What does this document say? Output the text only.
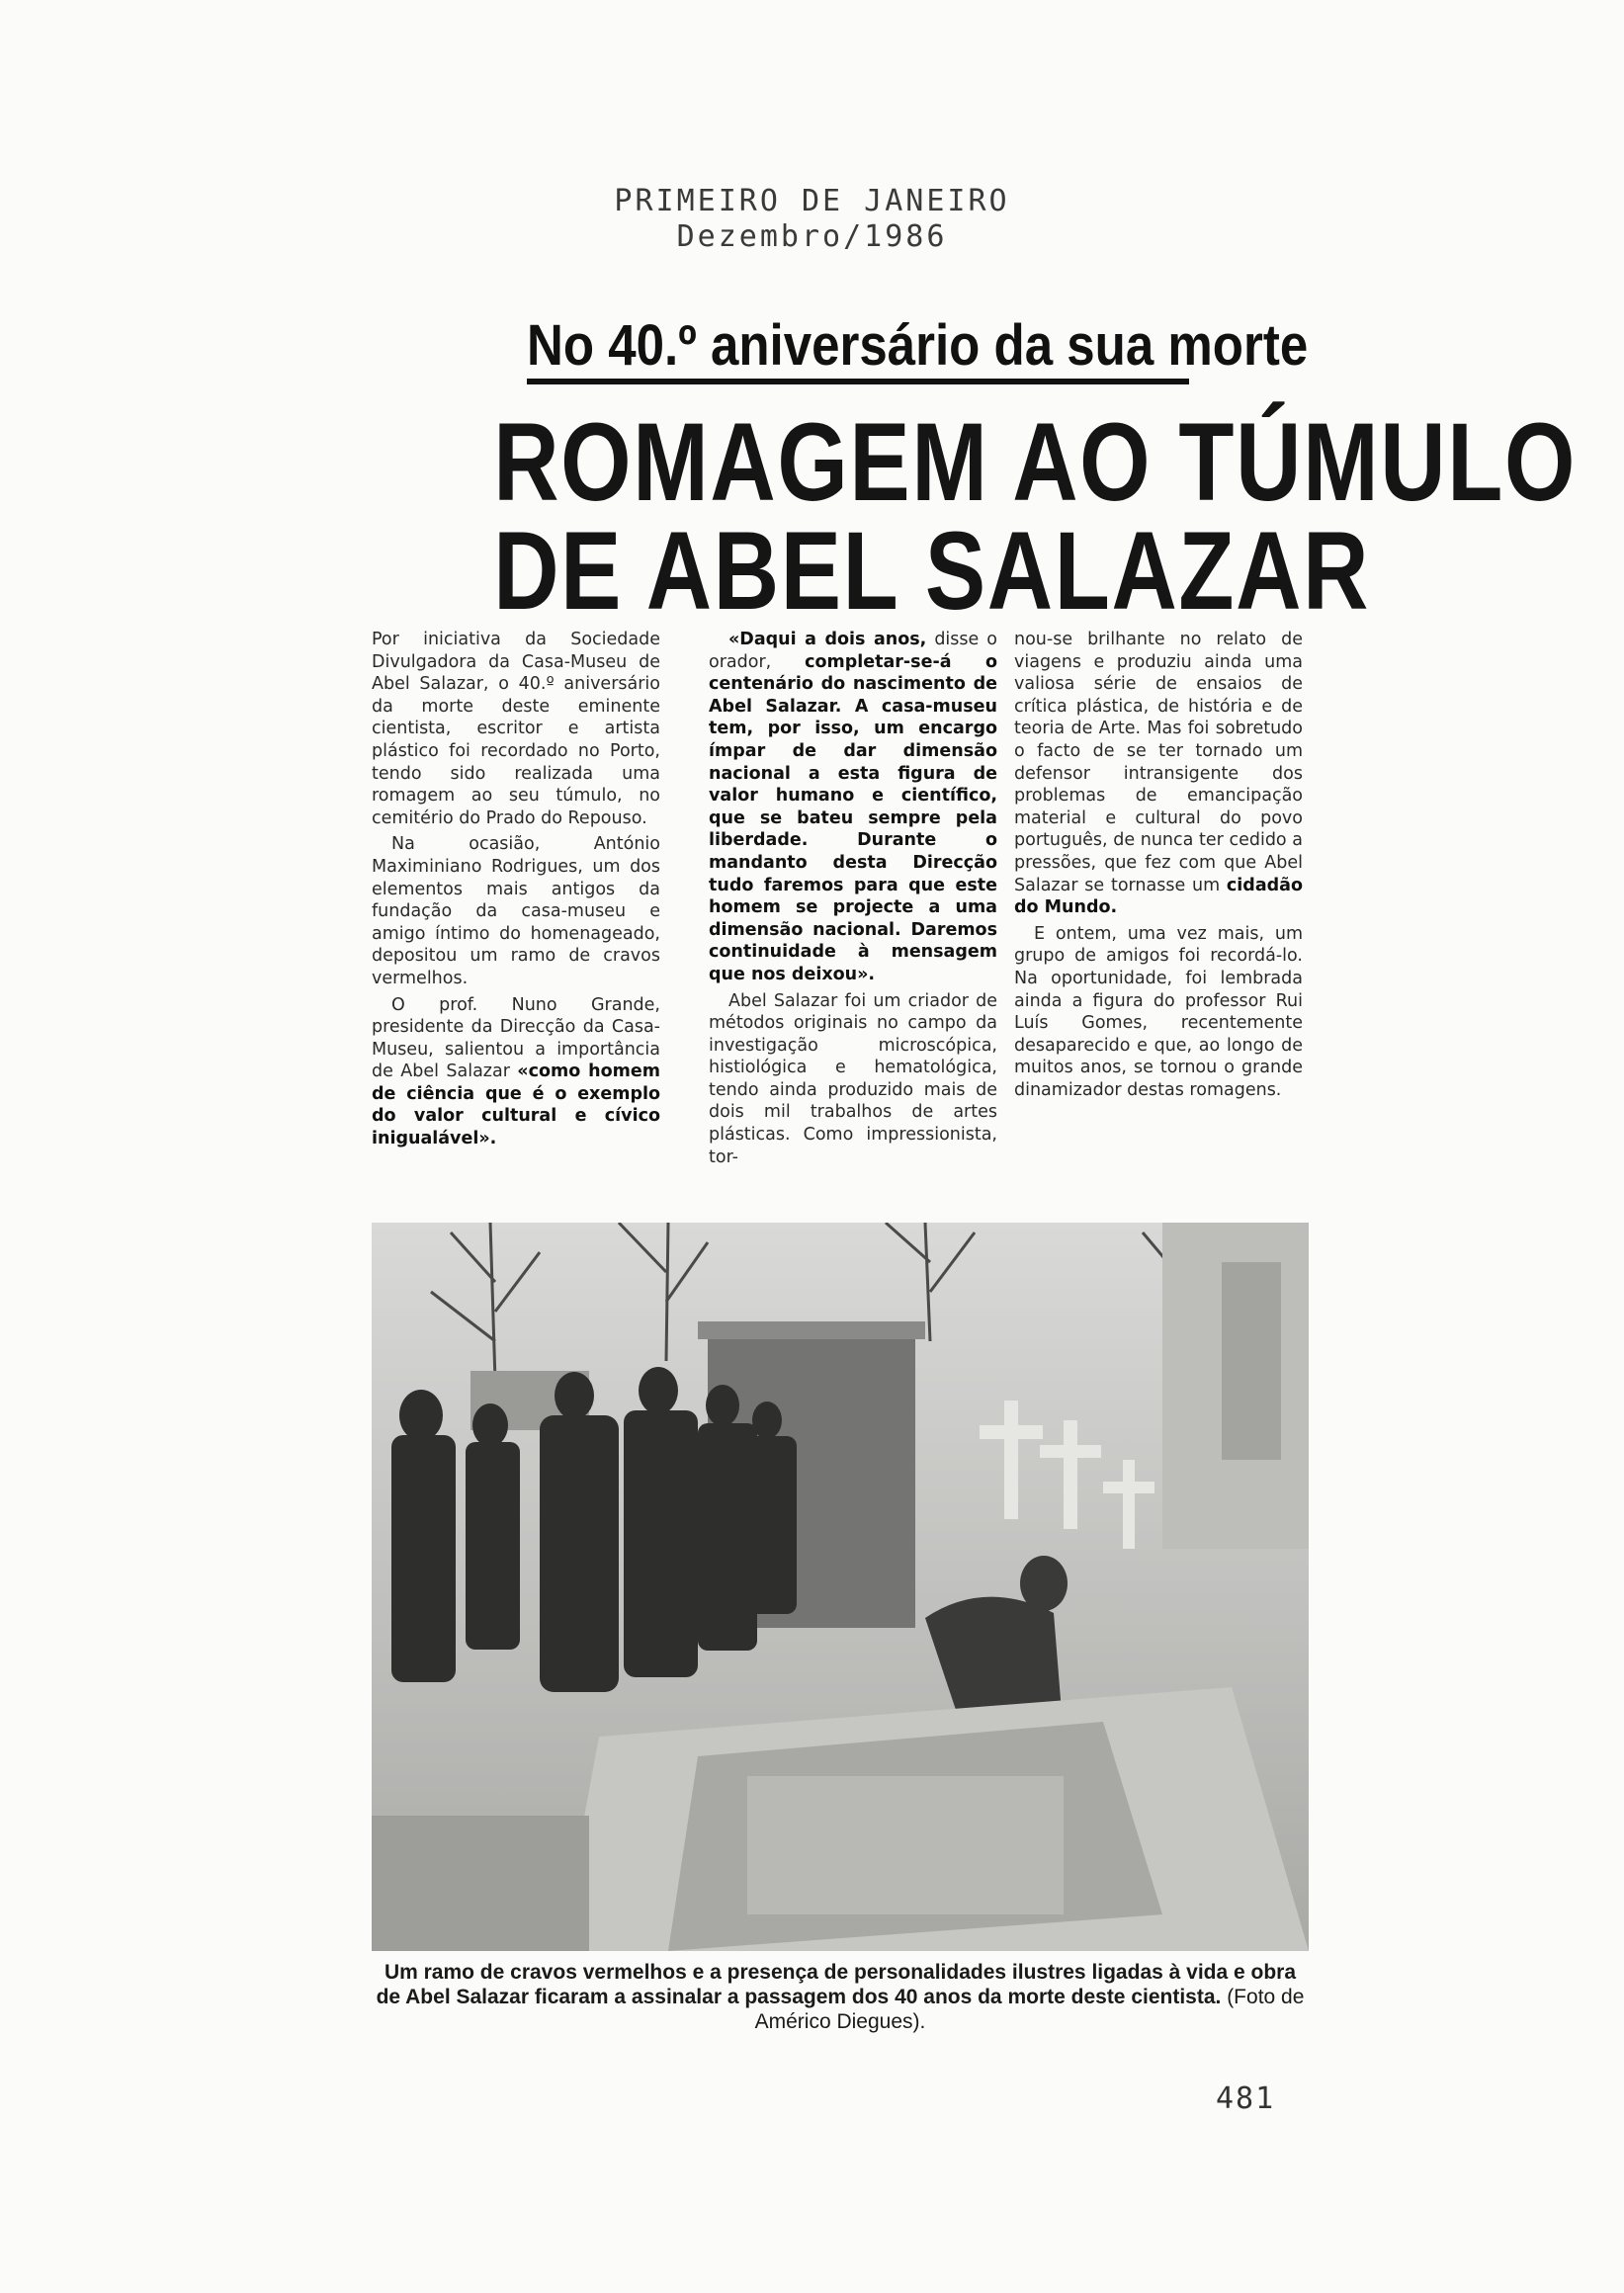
PRIMEIRO DE JANEIRO
Dezembro/1986
No 40.º aniversário da sua morte
ROMAGEM AO TÚMULO
DE ABEL SALAZAR

Por iniciativa da Sociedade Divulgadora da Casa-Museu de Abel Salazar, o 40.º aniversário da morte deste eminente cientista, escritor e artista plástico foi recordado no Porto, tendo sido realizada uma romagem ao seu túmulo, no cemitério do Prado do Repouso.

Na ocasião, António Maximiniano Rodrigues, um dos elementos mais antigos da fundação da casa-museu e amigo íntimo do homenageado, depositou um ramo de cravos vermelhos.

O prof. Nuno Grande, presidente da Direcção da Casa-Museu, salientou a importância de Abel Salazar «como homem de ciência que é o exemplo do valor cultural e cívico inigualável».

«Daqui a dois anos, disse o orador, completar-se-á o centenário do nascimento de Abel Salazar. A casa-museu tem, por isso, um encargo ímpar de dar dimensão nacional a esta figura de valor humano e científico, que se bateu sempre pela liberdade. Durante o mandanto desta Direcção tudo faremos para que este homem se projecte a uma dimensão nacional. Daremos continuidade à mensagem que nos deixou».

Abel Salazar foi um criador de métodos originais no campo da investigação microscópica, histiológica e hematológica, tendo ainda produzido mais de dois mil trabalhos de artes plásticas. Como impressionista, tor-

nou-se brilhante no relato de viagens e produziu ainda uma valiosa série de ensaios de crítica plástica, de história e de teoria de Arte. Mas foi sobretudo o facto de se ter tornado um defensor intransigente dos problemas de emancipação material e cultural do povo português, de nunca ter cedido a pressões, que fez com que Abel Salazar se tornasse um cidadão do Mundo.

E ontem, uma vez mais, um grupo de amigos foi recordá-lo. Na oportunidade, foi lembrada ainda a figura do professor Rui Luís Gomes, recentemente desaparecido e que, ao longo de muitos anos, se tornou o grande dinamizador destas romagens.

Um ramo de cravos vermelhos e a presença de personalidades ilustres ligadas à vida e obra de Abel Salazar ficaram a assinalar a passagem dos 40 anos da morte deste cientista. (Foto de Américo Diegues).
481
